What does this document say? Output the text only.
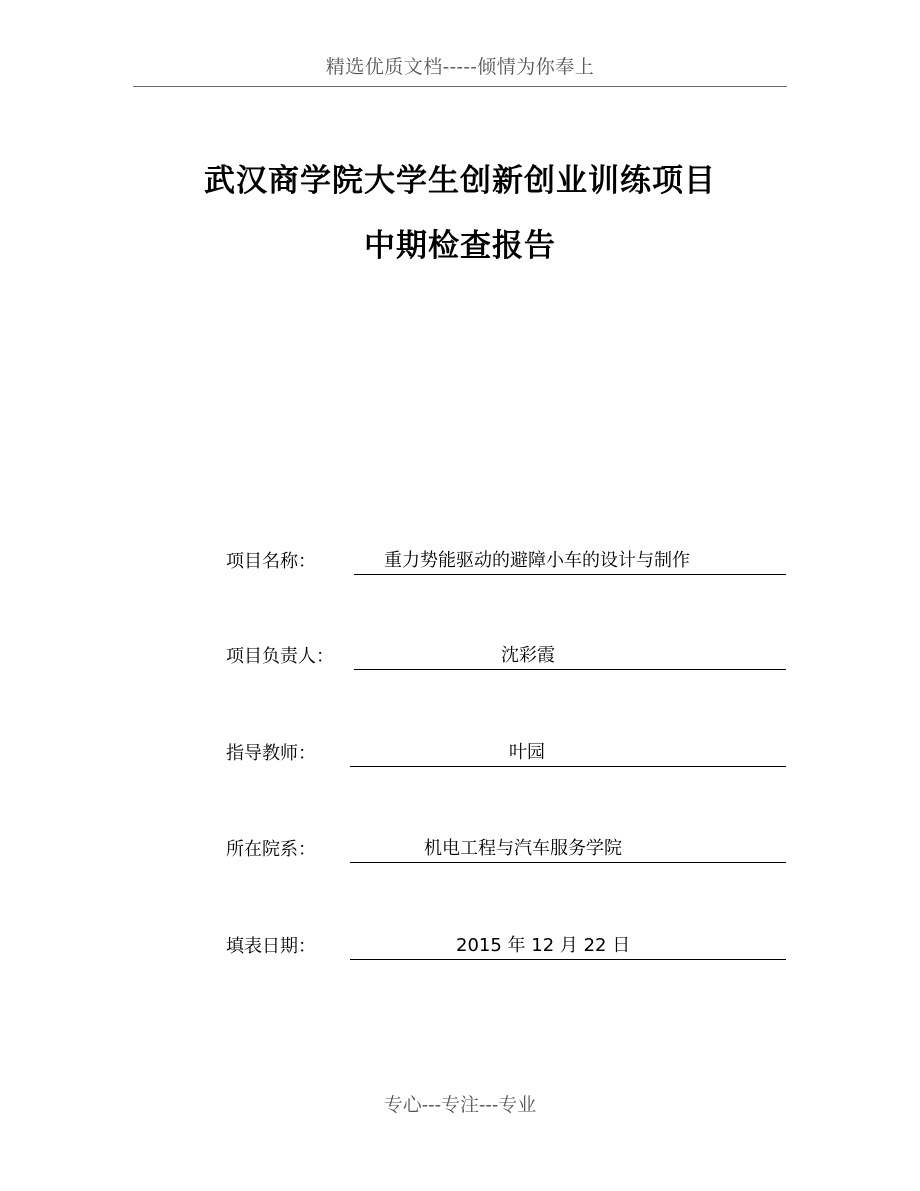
精选优质文档-----倾情为你奉上
武汉商学院大学生创新创业训练项目
中期检查报告
项目名称：	重力势能驱动的避障小车的设计与制作
项目负责人：	沈彩霞
指导教师：	叶园
所在院系：	机电工程与汽车服务学院
填表日期：	2015 年 12 月 22 日
专心---专注---专业
